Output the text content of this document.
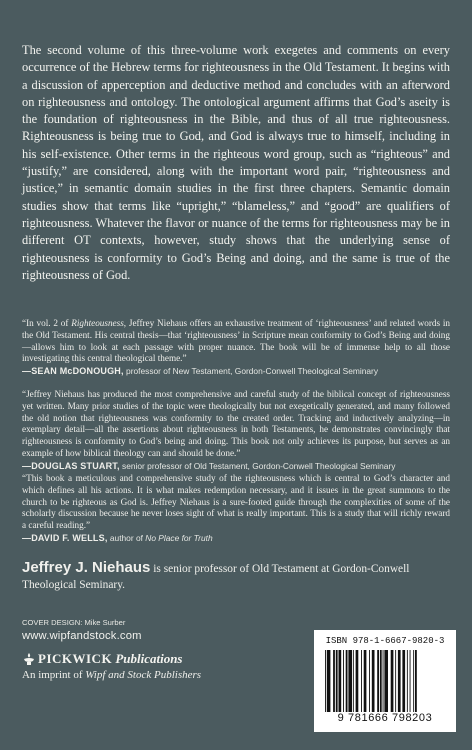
The second volume of this three-volume work exegetes and comments on every occurrence of the Hebrew terms for righteousness in the Old Testament. It begins with a discussion of apperception and deductive method and concludes with an afterword on righteousness and ontology. The ontological argument affirms that God’s aseity is the foundation of righteousness in the Bible, and thus of all true righteousness. Righteousness is being true to God, and God is always true to himself, including in his self-existence. Other terms in the righteous word group, such as “righteous” and “justify,” are considered, along with the important word pair, “righteousness and justice,” in semantic domain studies in the first three chapters. Semantic domain studies show that terms like “upright,” “blameless,” and “good” are qualifiers of righteousness. Whatever the flavor or nuance of the terms for righteousness may be in different OT contexts, however, study shows that the underlying sense of righteousness is conformity to God’s Being and doing, and the same is true of the righteousness of God.

“In vol. 2 of Righteousness, Jeffrey Niehaus offers an exhaustive treatment of ‘righteousness’ and related words in the Old Testament. His central thesis—that ‘righteousness’ in Scripture mean conformity to God’s Being and doing—allows him to look at each passage with proper nuance. The book will be of immense help to all those investigating this central theological theme.”

—SEAN McDONOUGH, professor of New Testament, Gordon-Conwell Theological Seminary

“Jeffrey Niehaus has produced the most comprehensive and careful study of the biblical concept of righteousness yet written. Many prior studies of the topic were theologically but not exegetically generated, and many followed the old notion that righteousness was conformity to the created order. Tracking and inductively analyzing—in exemplary detail—all the assertions about righteousness in both Testaments, he demonstrates convincingly that righteousness is conformity to God’s being and doing. This book not only achieves its purpose, but serves as an example of how biblical theology can and should be done.”

—DOUGLAS STUART, senior professor of Old Testament, Gordon-Conwell Theological Seminary

“This book a meticulous and comprehensive study of the righteousness which is central to God’s character and which defines all his actions. It is what makes redemption necessary, and it issues in the great summons to the church to be righteous as God is. Jeffrey Niehaus is a sure-footed guide through the complexities of some of the scholarly discussion because he never loses sight of what is really important. This is a study that will richly reward a careful reading.”

—DAVID F. WELLS, author of No Place for Truth

Jeffrey J. Niehaus is senior professor of Old Testament at Gordon-Conwell Theological Seminary.

COVER DESIGN: Mike Surber

www.wipfandstock.com

PICKWICK Publications
An imprint of Wipf and Stock Publishers
ISBN 978-1-6667-9820-3
9 781666 798203
